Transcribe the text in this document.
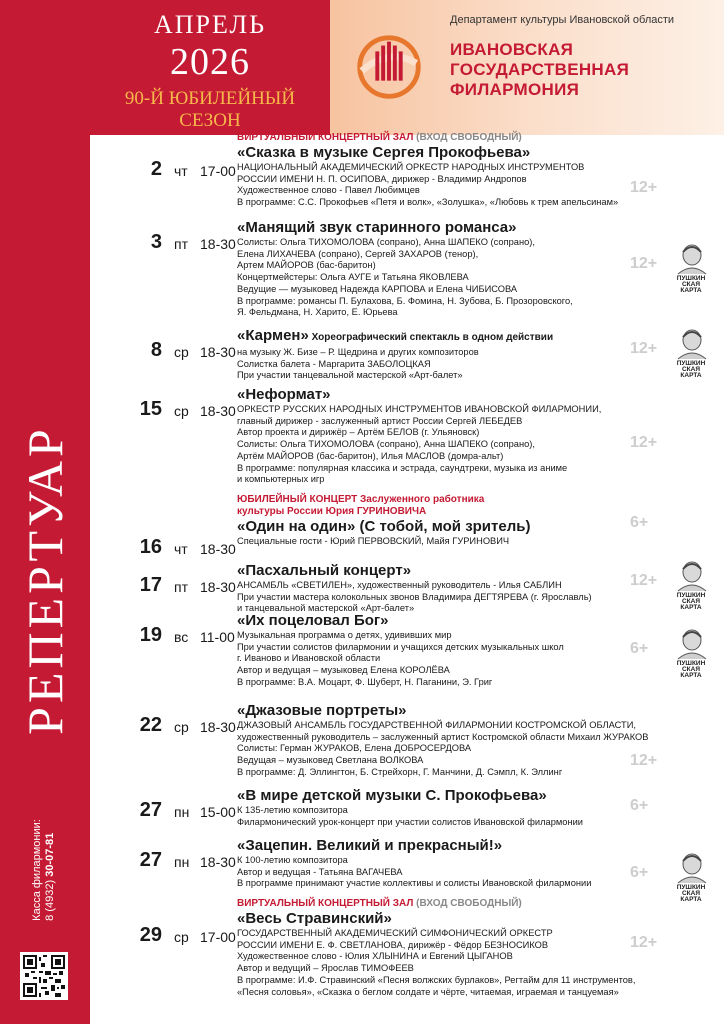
РЕПЕРТУАР
Касса филармонии: 8 (4932) 30-07-81
АПРЕЛЬ
2026
90-Й ЮБИЛЕЙНЫЙ
СЕЗОН
Департамент культуры Ивановской области
ИВАНОВСКАЯ
ГОСУДАРСТВЕННАЯ
ФИЛАРМОНИЯ
2 чт 17-00
ВИРТУАЛЬНЫЙ КОНЦЕРТНЫЙ ЗАЛ (ВХОД СВОБОДНЫЙ)
«Сказка в музыке Сергея Прокофьева»
НАЦИОНАЛЬНЫЙ АКАДЕМИЧЕСКИЙ ОРКЕСТР НАРОДНЫХ ИНСТРУМЕНТОВ
РОССИИ ИМЕНИ Н. П. ОСИПОВА, дирижер - Владимир Андропов
Художественное слово - Павел Любимцев
В программе: С.С. Прокофьев «Петя и волк», «Золушка», «Любовь к трем апельсинам»
12+
3 пт 18-30
«Манящий звук старинного романса»
Солисты: Ольга ТИХОМОЛОВА (сопрано), Анна ШАПЕКО (сопрано),
Елена ЛИХАЧЕВА (сопрано), Сергей ЗАХАРОВ (тенор),
Артем МАЙОРОВ (бас-баритон)
Концертмейстеры: Ольга АУГЕ и Татьяна ЯКОВЛЕВА
Ведущие — музыковед Надежда КАРПОВА и Елена ЧИБИСОВА
В программе: романсы П. Булахова, Б. Фомина, Н. Зубова, Б. Прозоровского,
Я. Фельдмана, Н. Харито, Е. Юрьева
12+
ПУШКИН
СКАЯ
КАРТА
8 ср 18-30
«Кармен» Хореографический спектакль в одном действии
на музыку Ж. Бизе – Р. Щедрина и других композиторов
Солистка балета - Маргарита ЗАБОЛОЦКАЯ
При участии танцевальной мастерской «Арт-балет»
12+
ПУШКИН
СКАЯ
КАРТА
15 ср 18-30
«Неформат»
ОРКЕСТР РУССКИХ НАРОДНЫХ ИНСТРУМЕНТОВ ИВАНОВСКОЙ ФИЛАРМОНИИ,
главный дирижер - заслуженный артист России Сергей ЛЕБЕДЕВ
Автор проекта и дирижёр – Артём БЕЛОВ (г. Ульяновск)
Солисты: Ольга ТИХОМОЛОВА (сопрано), Анна ШАПЕКО (сопрано),
Артём МАЙОРОВ (бас-баритон), Илья МАСЛОВ (домра-альт)
В программе: популярная классика и эстрада, саундтреки, музыка из аниме
и компьютерных игр
12+
16 чт 18-30
ЮБИЛЕЙНЫЙ КОНЦЕРТ Заслуженного работника
культуры России Юрия ГУРИНОВИЧА
«Один на один» (С тобой, мой зритель)
Специальные гости - Юрий ПЕРВОВСКИЙ, Майя ГУРИНОВИЧ
6+
17 пт 18-30
«Пасхальный концерт»
АНСАМБЛЬ «СВЕТИЛЕН», художественный руководитель - Илья САБЛИН
При участии мастера колокольных звонов Владимира ДЕГТЯРЕВА (г. Ярославль)
и танцевальной мастерской «Арт-балет»
12+
ПУШКИН
СКАЯ
КАРТА
19 вс 11-00
«Их поцеловал Бог»
Музыкальная программа о детях, удививших мир
При участии солистов филармонии и учащихся детских музыкальных школ
г. Иваново и Ивановской области
Автор и ведущая – музыковед Елена КОРОЛЁВА
В программе: В.А. Моцарт, Ф. Шуберт, Н. Паганини, Э. Григ
6+
ПУШКИН
СКАЯ
КАРТА
22 ср 18-30
«Джазовые портреты»
ДЖАЗОВЫЙ АНСАМБЛЬ ГОСУДАРСТВЕННОЙ ФИЛАРМОНИИ КОСТРОМСКОЙ ОБЛАСТИ,
художественный руководитель – заслуженный артист Костромской области Михаил ЖУРАКОВ
Солисты: Герман ЖУРАКОВ, Елена ДОБРОСЕРДОВА
Ведущая – музыковед Светлана ВОЛКОВА
В программе: Д. Эллингтон, Б. Стрейхорн, Г. Манчини, Д. Сэмпл, К. Эллинг
12+
27 пн 15-00
«В мире детской музыки С. Прокофьева»
К 135-летию композитора
Филармонический урок-концерт при участии солистов Ивановской филармонии
6+
27 пн 18-30
«Зацепин. Великий и прекрасный!»
К 100-летию композитора
Автор и ведущая - Татьяна ВАГАЧЕВА
В программе принимают участие коллективы и солисты Ивановской филармонии
6+
ПУШКИН
СКАЯ
КАРТА
29 ср 17-00
ВИРТУАЛЬНЫЙ КОНЦЕРТНЫЙ ЗАЛ (ВХОД СВОБОДНЫЙ)
«Весь Стравинский»
ГОСУДАРСТВЕННЫЙ АКАДЕМИЧЕСКИЙ СИМФОНИЧЕСКИЙ ОРКЕСТР
РОССИИ ИМЕНИ Е. Ф. СВЕТЛАНОВА, дирижёр - Фёдор БЕЗНОСИКОВ
Художественное слово - Юлия ХЛЫНИНА и Евгений ЦЫГАНОВ
Автор и ведущий – Ярослав ТИМОФЕЕВ
В программе: И.Ф. Стравинский «Песня волжских бурлаков», Регтайм для 11 инструментов,
«Песня соловья», «Сказка о беглом солдате и чёрте, читаемая, играемая и танцуемая»
12+
